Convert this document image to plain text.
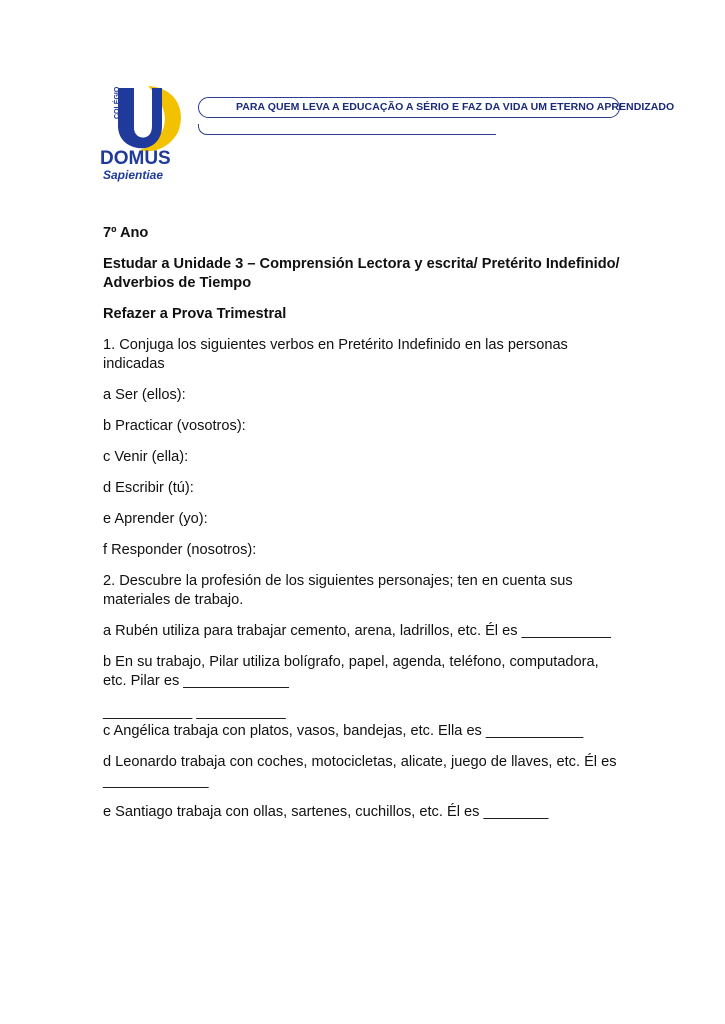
COLÉGIO
DOMUS
Sapientiae
PARA QUEM LEVA A EDUCAÇÃO A SÉRIO E FAZ DA VIDA UM ETERNO APRENDIZADO

7º Ano

Estudar a Unidade 3 – Comprensión Lectora y escrita/ Pretérito Indefinido/

Adverbios de Tiempo

Refazer a Prova Trimestral

1. Conjuga los siguientes verbos en Pretérito Indefinido en las personas

indicadas

a Ser (ellos):

b Practicar (vosotros):

c Venir (ella):

d Escribir (tú):

e Aprender (yo):

f Responder (nosotros):

2. Descubre la profesión de los siguientes personajes; ten en cuenta sus

materiales de trabajo.

a Rubén utiliza para trabajar cemento, arena, ladrillos, etc. Él es ___________

b En su trabajo, Pilar utiliza bolígrafo, papel, agenda, teléfono, computadora,

etc. Pilar es _____________

___________ ___________

c Angélica trabaja con platos, vasos, bandejas, etc. Ella es ____________

d Leonardo trabaja con coches, motocicletas, alicate, juego de llaves, etc. Él es

_____________

e Santiago trabaja con ollas, sartenes, cuchillos, etc. Él es ________
